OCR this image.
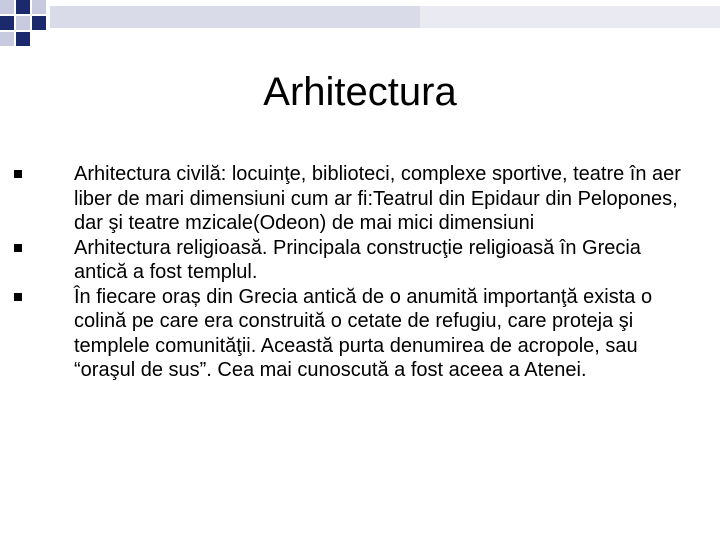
Arhitectura
Arhitectura civilă: locuinţe, biblioteci, complexe sportive, teatre în aer liber de mari dimensiuni cum ar fi:Teatrul din Epidaur din Pelopones, dar şi teatre mzicale(Odeon) de mai mici dimensiuni
Arhitectura religioasă. Principala construcţie religioasă în Grecia antică a fost templul.
În fiecare oraș din Grecia antică de o anumită importanţă exista o colină pe care era construită o cetate de refugiu, care proteja şi templele comunităţii. Această purta denumirea de acropole, sau “oraşul de sus”. Cea mai cunoscută a fost aceea a Atenei.
